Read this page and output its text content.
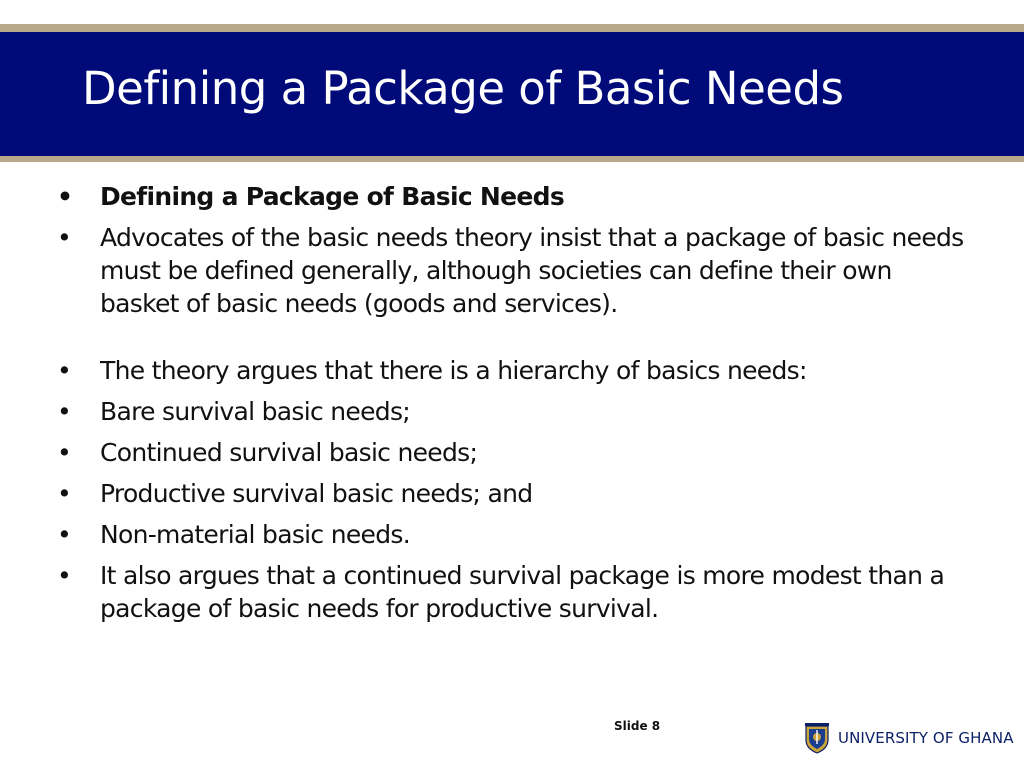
Defining a Package of Basic Needs
• Defining a Package of Basic Needs
• Advocates of the basic needs theory insist that a package of basic needs must be defined generally, although societies can define their own basket of basic needs (goods and services).
• The theory argues that there is a hierarchy of basics needs:
• Bare survival basic needs;
• Continued survival basic needs;
• Productive survival basic needs; and
• Non-material basic needs.
• It also argues that a continued survival package is more modest than a package of basic needs for productive survival.
Slide 8
UNIVERSITY OF GHANA
